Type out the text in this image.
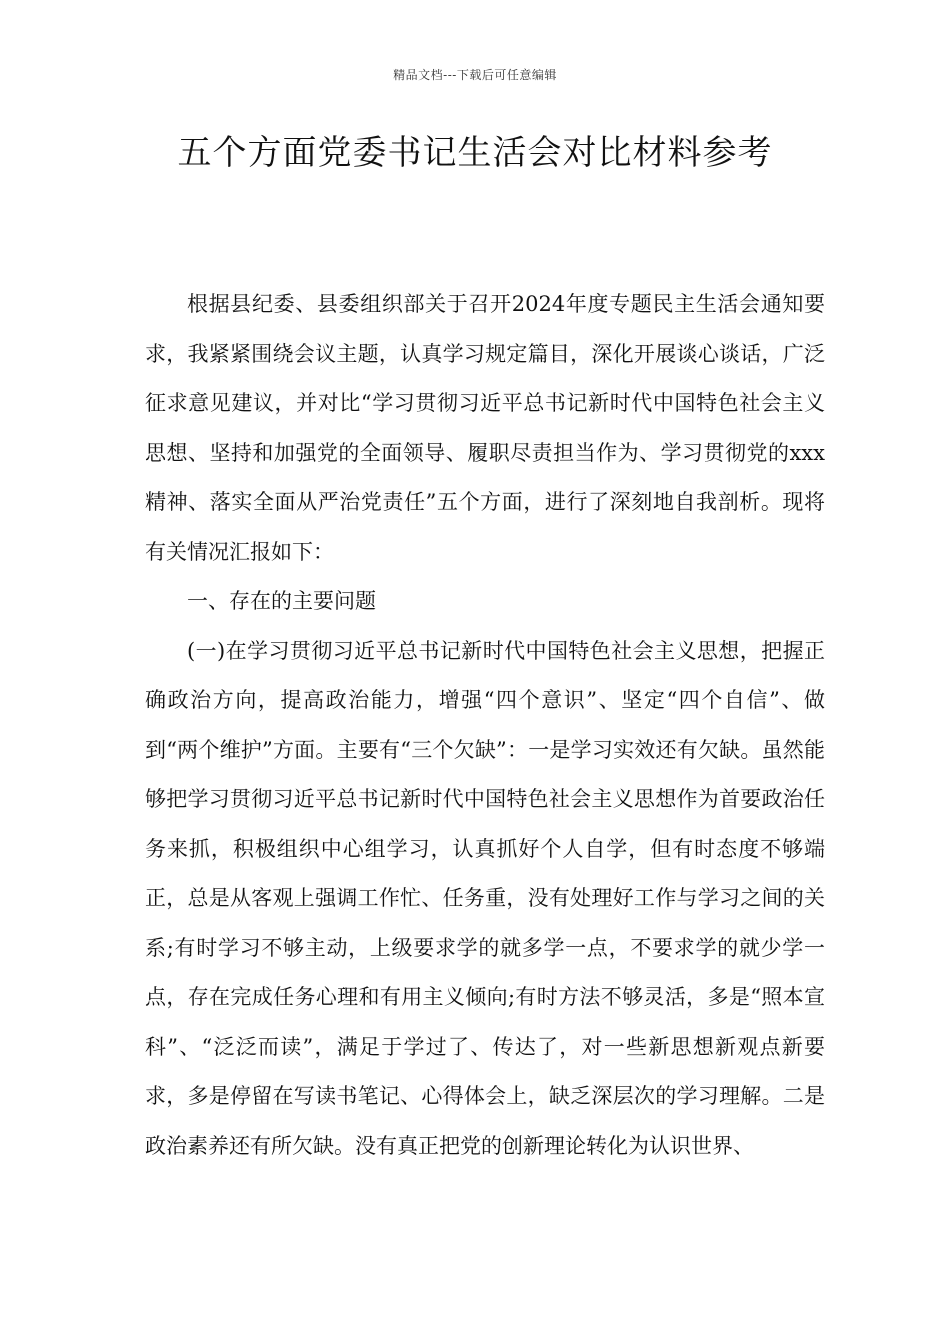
精品文档---下载后可任意编辑
五个方面党委书记生活会对比材料参考

根据县纪委、县委组织部关于召开2024年度专题民主生活会通知要求，我紧紧围绕会议主题，认真学习规定篇目，深化开展谈心谈话，广泛征求意见建议，并对比“学习贯彻习近平总书记新时代中国特色社会主义思想、坚持和加强党的全面领导、履职尽责担当作为、学习贯彻党的xxx精神、落实全面从严治党责任”五个方面，进行了深刻地自我剖析。现将有关情况汇报如下：

一、存在的主要问题

(一)在学习贯彻习近平总书记新时代中国特色社会主义思想，把握正确政治方向，提高政治能力，增强“四个意识”、坚定“四个自信”、做到“两个维护”方面。主要有“三个欠缺”：一是学习实效还有欠缺。虽然能够把学习贯彻习近平总书记新时代中国特色社会主义思想作为首要政治任务来抓，积极组织中心组学习，认真抓好个人自学，但有时态度不够端正，总是从客观上强调工作忙、任务重，没有处理好工作与学习之间的关系;有时学习不够主动，上级要求学的就多学一点，不要求学的就少学一点，存在完成任务心理和有用主义倾向;有时方法不够灵活，多是“照本宣科”、“泛泛而读”，满足于学过了、传达了，对一些新思想新观点新要求，多是停留在写读书笔记、心得体会上，缺乏深层次的学习理解。二是政治素养还有所欠缺。没有真正把党的创新理论转化为认识世界、
